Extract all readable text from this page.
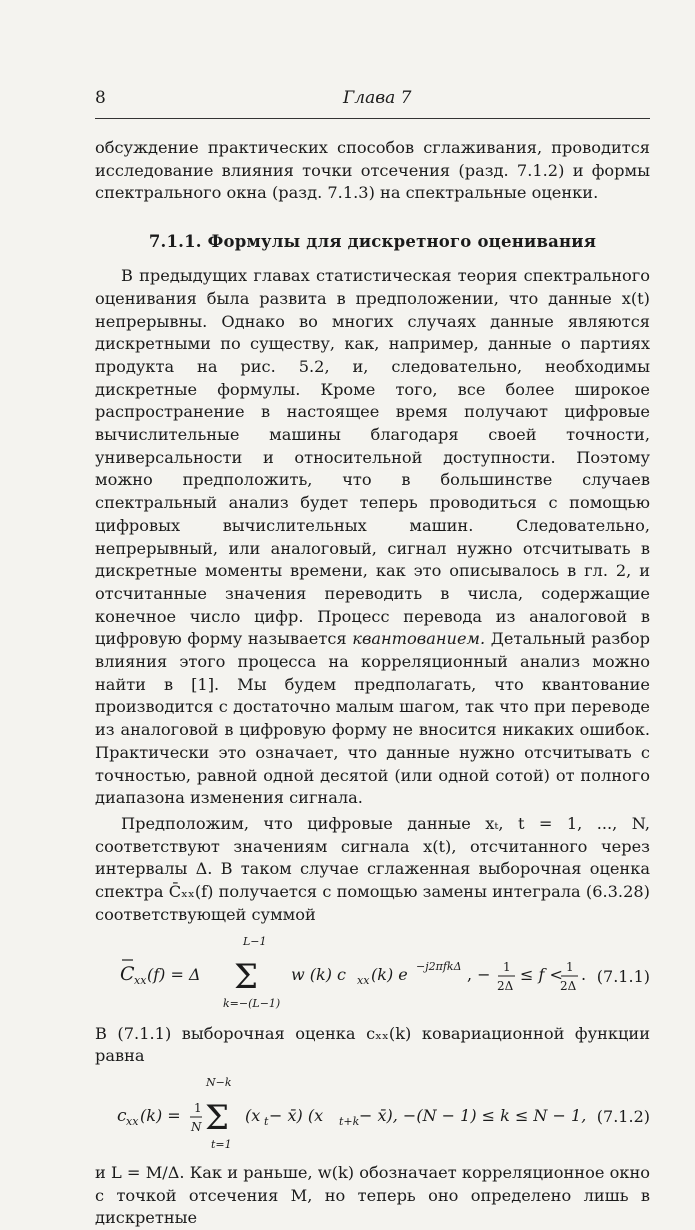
8	Глава 7

обсуждение практических способов сглаживания, проводится исследование влияния точки отсечения (разд. 7.1.2) и формы спектрального окна (разд. 7.1.3) на спектральные оценки.

7.1.1. Формулы для дискретного оценивания

В предыдущих главах статистическая теория спектрального оценивания была развита в предположении, что данные x(t) непрерывны. Однако во многих случаях данные являются дискретными по существу, как, например, данные о партиях продукта на рис. 5.2, и, следовательно, необходимы дискретные формулы. Кроме того, все более широкое распространение в настоящее время получают цифровые вычислительные машины благодаря своей точности, универсальности и относительной доступности. Поэтому можно предположить, что в большинстве случаев спектральный анализ будет теперь проводиться с помощью цифровых вычислительных машин. Следовательно, непрерывный, или аналоговый, сигнал нужно отсчитывать в дискретные моменты времени, как это описывалось в гл. 2, и отсчитанные значения переводить в числа, содержащие конечное число цифр. Процесс перевода из аналоговой в цифровую форму называется квантованием. Детальный разбор влияния этого процесса на корреляционный анализ можно найти в [1]. Мы будем предполагать, что квантование производится с достаточно малым шагом, так что при переводе из аналоговой в цифровую форму не вносится никаких ошибок. Практически это означает, что данные нужно отсчитывать с точностью, равной одной десятой (или одной сотой) от полного диапазона изменения сигнала.

Предположим, что цифровые данные xₜ, t = 1, ..., N, соответствуют значениям сигнала x(t), отсчитанного через интервалы Δ. В таком случае сглаженная выборочная оценка спектра C̄ₓₓ(f) получается с помощью замены интеграла (6.3.28) соответствующей суммой

C xx (f) = Δ
L−1
Σ
k=−(L−1)
w (k) c xx (k) e −j2πfkΔ , − 1
2Δ
≤ f < 1
2Δ
. (7.1.1)

В (7.1.1) выборочная оценка cₓₓ(k) ковариационной функции равна

c xx (k) = 1
N
N−k
Σ
t=1
(x t − x̄) (x t+k − x̄), −(N − 1) ≤ k ≤ N − 1, (7.1.2)

и L = M/Δ. Как и раньше, w(k) обозначает корреляционное окно с точкой отсечения M, но теперь оно определено лишь в дискретные
